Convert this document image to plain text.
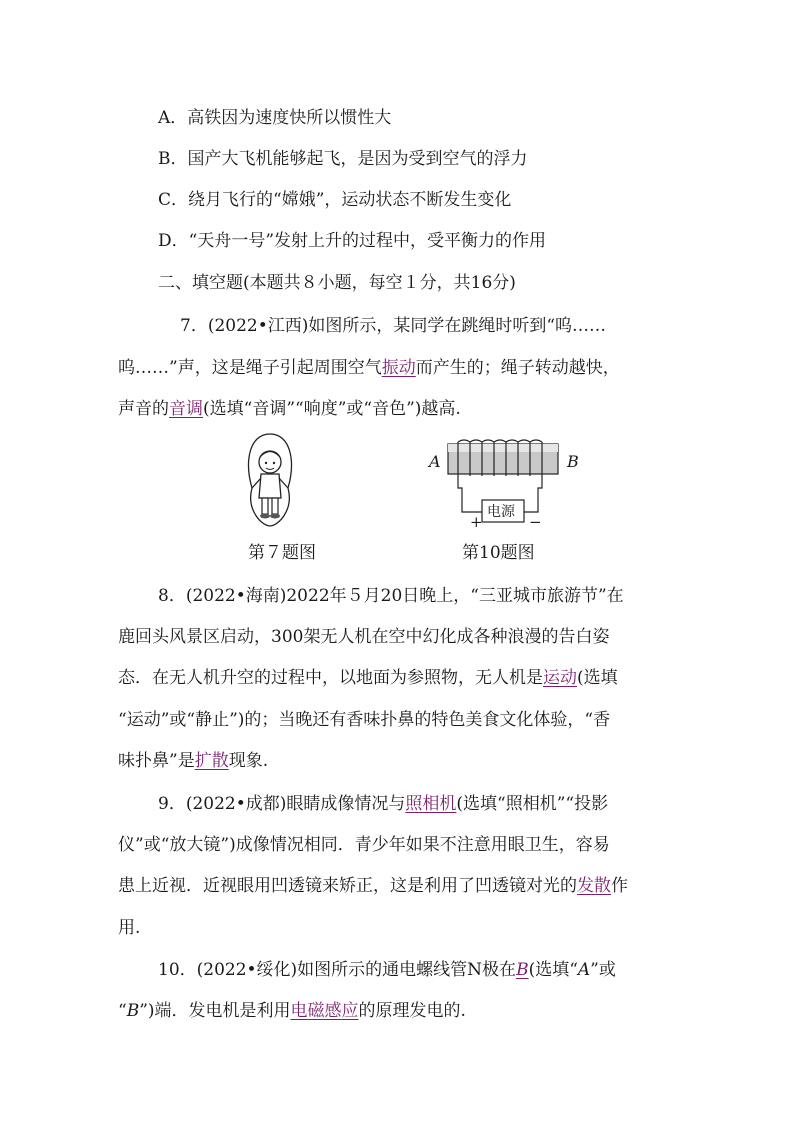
A．高铁因为速度快所以惯性大
B．国产大飞机能够起飞，是因为受到空气的浮力
C．绕月飞行的“嫦娥”，运动状态不断发生变化
D．“天舟一号”发射上升的过程中，受平衡力的作用
二、填空题(本题共８小题，每空１分，共16分)
7．(2022•江西)如图所示，某同学在跳绳时听到“呜……
呜……”声，这是绳子引起周围空气振动而产生的；绳子转动越快，
声音的音调(选填“音调”“响度”或“音色”)越高.
A	B
电源
+	−
第７题图	第10题图
8．(2022•海南)2022年５月20日晚上，“三亚城市旅游节”在
鹿回头风景区启动，300架无人机在空中幻化成各种浪漫的告白姿
态．在无人机升空的过程中，以地面为参照物，无人机是运动(选填
“运动”或“静止”)的；当晚还有香味扑鼻的特色美食文化体验，“香
味扑鼻”是扩散现象.
9．(2022•成都)眼睛成像情况与照相机(选填“照相机”“投影
仪”或“放大镜”)成像情况相同．青少年如果不注意用眼卫生，容易
患上近视．近视眼用凹透镜来矫正，这是利用了凹透镜对光的发散作
用.
10．(2022•绥化)如图所示的通电螺线管N极在B(选填“A”或
“B”)端．发电机是利用电磁感应的原理发电的.
